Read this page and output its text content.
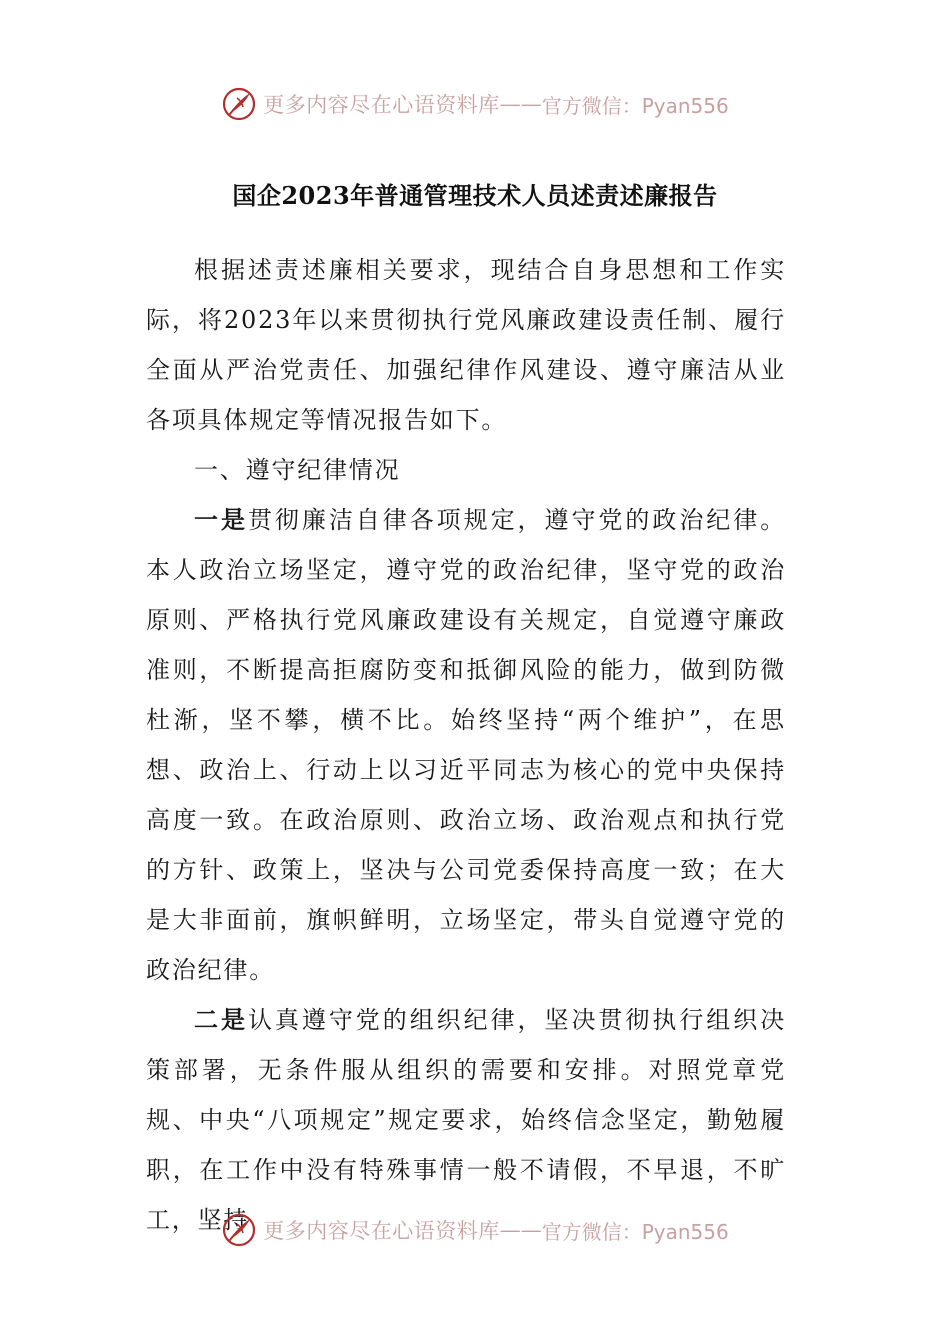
更多内容尽在心语资料库 —— 官方微信：Pyan556
国企2023年普通管理技术人员述责述廉报告

根据述责述廉相关要求，现结合自身思想和工作实际，将2023年以来贯彻执行党风廉政建设责任制、履行全面从严治党责任、加强纪律作风建设、遵守廉洁从业各项具体规定等情况报告如下。

一、遵守纪律情况

一是贯彻廉洁自律各项规定，遵守党的政治纪律。本人政治立场坚定，遵守党的政治纪律，坚守党的政治原则、严格执行党风廉政建设有关规定，自觉遵守廉政准则，不断提高拒腐防变和抵御风险的能力，做到防微杜渐，坚不攀，横不比。始终坚持“两个维护”，在思想、政治上、行动上以习近平同志为核心的党中央保持高度一致。在政治原则、政治立场、政治观点和执行党的方针、政策上，坚决与公司党委保持高度一致；在大是大非面前，旗帜鲜明，立场坚定，带头自觉遵守党的政治纪律。

二是认真遵守党的组织纪律，坚决贯彻执行组织决策部署，无条件服从组织的需要和安排。对照党章党规、中央“八项规定”规定要求，始终信念坚定，勤勉履职，在工作中没有特殊事情一般不请假，不早退，不旷工，坚持 更多内容尽在心语资料库 —— 官方微信：Pyan556
